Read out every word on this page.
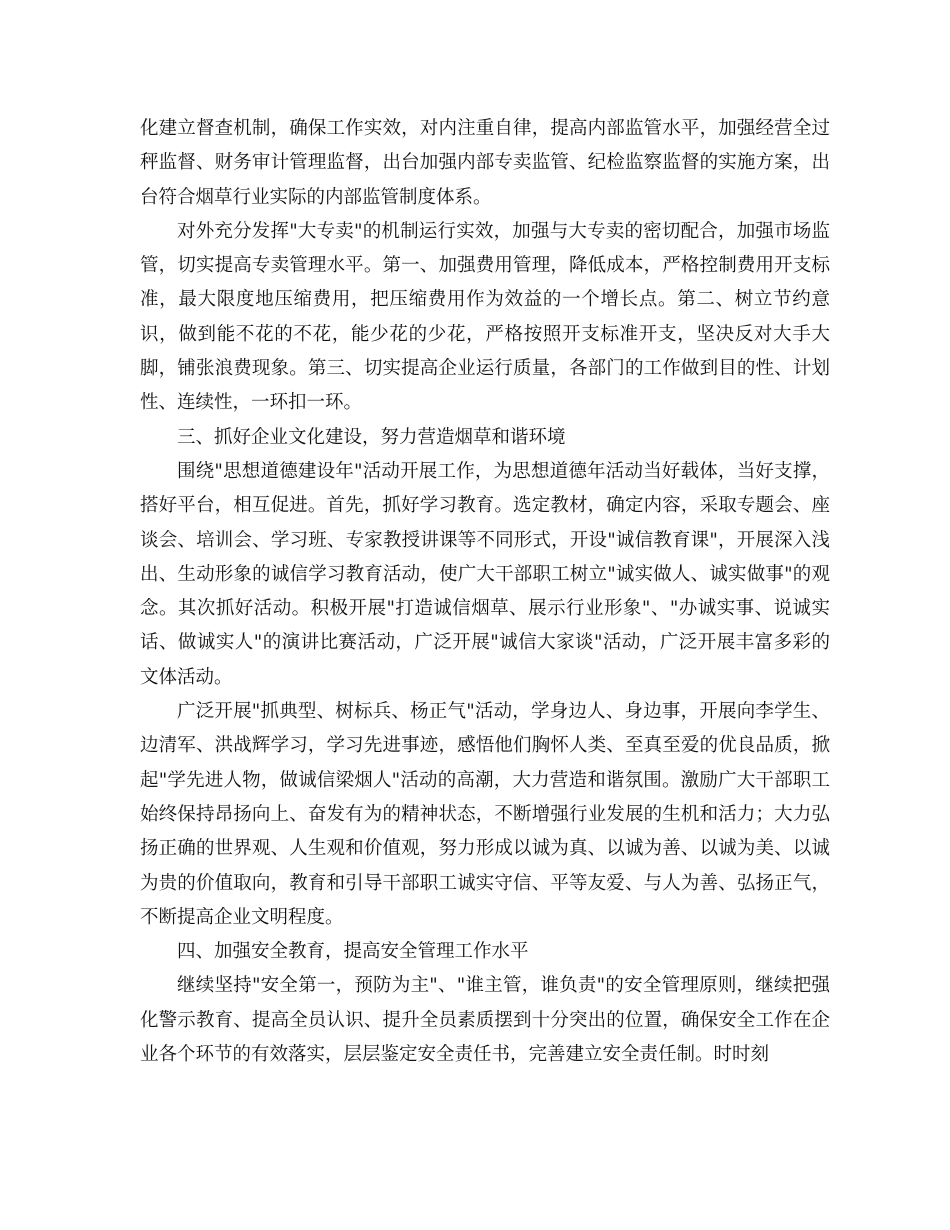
化建立督查机制，确保工作实效，对内注重自律，提高内部监管水平，加强经营全过秤监督、财务审计管理监督，出台加强内部专卖监管、纪检监察监督的实施方案，出台符合烟草行业实际的内部监管制度体系。

对外充分发挥"大专卖"的机制运行实效，加强与大专卖的密切配合，加强市场监管，切实提高专卖管理水平。第一、加强费用管理，降低成本，严格控制费用开支标准，最大限度地压缩费用，把压缩费用作为效益的一个增长点。第二、树立节约意识，做到能不花的不花，能少花的少花，严格按照开支标准开支，坚决反对大手大脚，铺张浪费现象。第三、切实提高企业运行质量，各部门的工作做到目的性、计划性、连续性，一环扣一环。

三、抓好企业文化建设，努力营造烟草和谐环境

围绕"思想道德建设年"活动开展工作，为思想道德年活动当好载体，当好支撑，搭好平台，相互促进。首先，抓好学习教育。选定教材，确定内容，采取专题会、座谈会、培训会、学习班、专家教授讲课等不同形式，开设"诚信教育课"，开展深入浅出、生动形象的诚信学习教育活动，使广大干部职工树立"诚实做人、诚实做事"的观念。其次抓好活动。积极开展"打造诚信烟草、展示行业形象"、"办诚实事、说诚实话、做诚实人"的演讲比赛活动，广泛开展"诚信大家谈"活动，广泛开展丰富多彩的文体活动。

广泛开展"抓典型、树标兵、杨正气"活动，学身边人、身边事，开展向李学生、边清军、洪战辉学习，学习先进事迹，感悟他们胸怀人类、至真至爱的优良品质，掀起"学先进人物，做诚信梁烟人"活动的高潮，大力营造和谐氛围。激励广大干部职工始终保持昂扬向上、奋发有为的精神状态，不断增强行业发展的生机和活力；大力弘扬正确的世界观、人生观和价值观，努力形成以诚为真、以诚为善、以诚为美、以诚为贵的价值取向，教育和引导干部职工诚实守信、平等友爱、与人为善、弘扬正气，不断提高企业文明程度。

四、加强安全教育，提高安全管理工作水平

继续坚持"安全第一，预防为主"、"谁主管，谁负责"的安全管理原则，继续把强化警示教育、提高全员认识、提升全员素质摆到十分突出的位置，确保安全工作在企业各个环节的有效落实，层层鉴定安全责任书，完善建立安全责任制。时时刻
